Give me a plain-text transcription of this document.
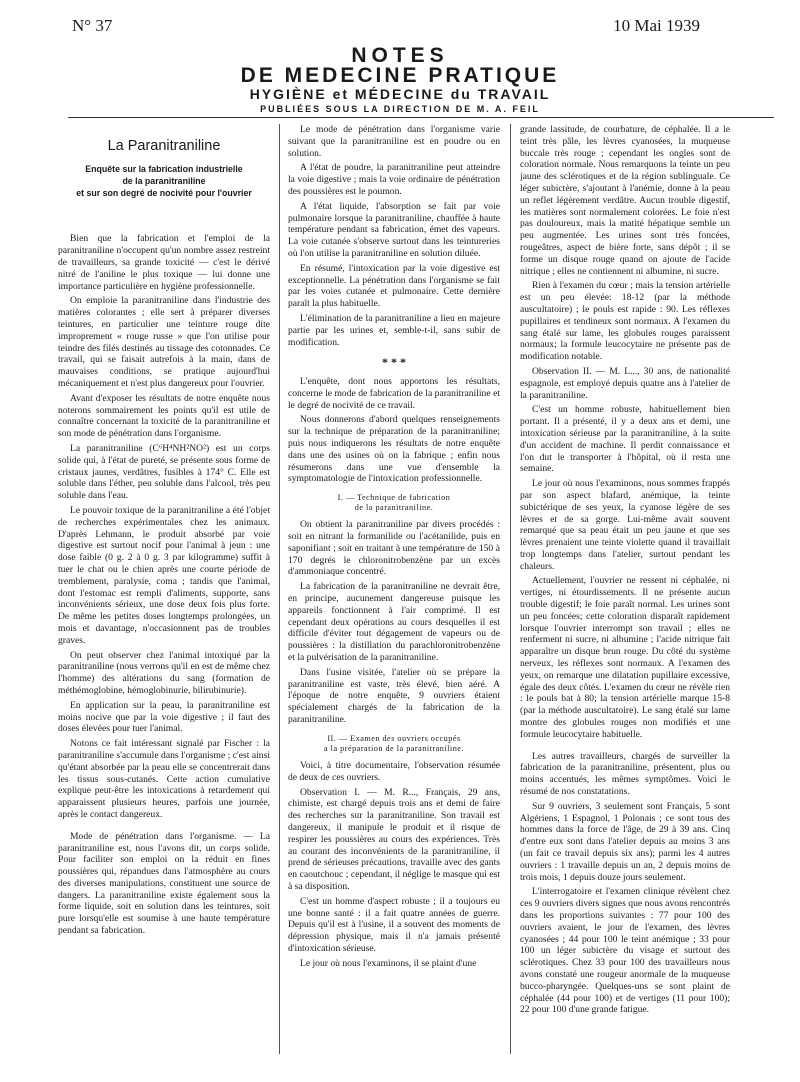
N° 37	10 Mai 1939
NOTES
DE MEDECINE PRATIQUE
HYGIÈNE et MÉDECINE du TRAVAIL
PUBLIÉES SOUS LA DIRECTION DE M. A. FEIL
La Paranitraniline
Enquête sur la fabrication industrielle
de la paranitraniline
et sur son degré de nocivité pour l'ouvrier

Bien que la fabrication et l'emploi de la paranitraniline n'occupent qu'un nombre assez restreint de travailleurs, sa grande toxicité — c'est le dérivé nitré de l'aniline le plus toxique — lui donne une importance particulière en hygiène professionnelle.

On emploie la paranitraniline dans l'industrie des matières colorantes ; elle sert à préparer diverses teintures, en particulier une teinture rouge dite improprement « rouge russe » que l'on utilise pour teindre des filés destinés au tissage des cotonnades. Ce travail, qui se faisait autrefois à la main, dans de mauvaises conditions, se pratique aujourd'hui mécaniquement et n'est plus dangereux pour l'ouvrier.

Avant d'exposer les résultats de notre enquête nous noterons sommairement les points qu'il est utile de connaître concernant la toxicité de la paranitraniline et son mode de pénétration dans l'organisme.

La paranitraniline (C⁶H⁴NH²NO²) est un corps solide qui, à l'état de pureté, se présente sous forme de cristaux jaunes, verdâtres, fusibles à 174° C. Elle est soluble dans l'éther, peu soluble dans l'alcool, très peu soluble dans l'eau.

Le pouvoir toxique de la paranitraniline a été l'objet de recherches expérimentales chez les animaux. D'après Lehmann, le produit absorbé par voie digestive est surtout nocif pour l'animal à jeun : une dose faible (0 g. 2 à 0 g. 3 par kilogramme) suffit à tuer le chat ou le chien après une courte période de tremblement, paralysie, coma ; tandis que l'animal, dont l'estomac est rempli d'aliments, supporte, sans inconvénients sérieux, une dose deux fois plus forte. De même les petites doses longtemps prolongées, un mois et davantage, n'occasionnent pas de troubles graves.

On peut observer chez l'animal intoxiqué par la paranitraniline (nous verrons qu'il en est de même chez l'homme) des altérations du sang (formation de méthémoglobine, hémoglobinurie, bilirubinurie).

En application sur la peau, la paranitraniline est moins nocive que par la voie digestive ; il faut des doses élevées pour tuer l'animal.

Notons ce fait intéressant signalé par Fischer : la paranitraniline s'accumule dans l'organisme ; c'est ainsi qu'étant absorbée par la peau elle se concentrerait dans les tissus sous-cutanés. Cette action cumulative explique peut-être les intoxications à retardement qui apparaissent plusieurs heures, parfois une journée, après le contact dangereux.

Mode de pénétration dans l'organisme. — La paranitraniline est, nous l'avons dit, un corps solide. Pour faciliter son emploi on la réduit en fines poussières qui, répandues dans l'atmosphère au cours des diverses manipulations, constituent une source de dangers. La paranitraniline existe également sous la forme liquide, soit en solution dans les teintures, soit pure lorsqu'elle est soumise à une haute température pendant sa fabrication.

Le mode de pénétration dans l'organisme varie suivant que la paranitraniline est en poudre ou en solution.

A l'état de poudre, la paranitraniline peut atteindre la voie digestive ; mais la voie ordinaire de pénétration des poussières est le poumon.

A l'état liquide, l'absorption se fait par voie pulmonaire lorsque la paranitraniline, chauffée à haute température pendant sa fabrication, émet des vapeurs. La voie cutanée s'observe surtout dans les teintureries où l'on utilise la paranitraniline en solution diluée.

En résumé, l'intoxication par la voie digestive est exceptionnelle. La pénétration dans l'organisme se fait par les voies cutanée et pulmonaire. Cette dernière paraît la plus habituelle.

L'élimination de la paranitraniline a lieu en majeure partie par les urines et, semble-t-il, sans subir de modification.

* * *

L'enquête, dont nous apportons les résultats, concerne le mode de fabrication de la paranitraniline et le degré de nocivité de ce travail.

Nous donnerons d'abord quelques renseignements sur la technique de préparation de la paranitraniline; puis nous indiquerons les résultats de notre enquête dans une des usines où on la fabrique ; enfin nous résumerons dans une vue d'ensemble la symptomatologie de l'intoxication professionnelle.

I. — Technique de fabrication
de la paranitraniline.

On obtient la paranitraniline par divers procédés : soit en nitrant la formanilide ou l'acétanilide, puis en saponifiant ; soit en traitant à une température de 150 à 170 degrés le chloronitrobenzène par un excès d'ammoniaque concentré.

La fabrication de la paranitraniline ne devrait être, en principe, aucunement dangereuse puisque les appareils fonctionnent à l'air comprimé. Il est cependant deux opérations au cours desquelles il est difficile d'éviter tout dégagement de vapeurs ou de poussières : la distillation du parachloronitrobenzène et la pulvérisation de la paranitraniline.

Dans l'usine visitée, l'atelier où se prépare la paranitraniline est vaste, très élevé, bien aéré. A l'époque de notre enquête, 9 ouvriers étaient spécialement chargés de la fabrication de la paranitraniline.

II. — Examen des ouvriers occupés
a la préparation de la paranitraniline.

Voici, à titre documentaire, l'observation résumée de deux de ces ouvriers.

Observation I. — M. R..., Français, 29 ans, chimiste, est chargé depuis trois ans et demi de faire des recherches sur la paranitraniline. Son travail est dangereux, il manipule le produit et il risque de respirer les poussières au cours des expériences. Très au courant des inconvénients de la paranitraniline, il prend de sérieuses précautions, travaille avec des gants en caoutchouc ; cependant, il néglige le masque qui est à sa disposition.

C'est un homme d'aspect robuste ; il a toujours eu une bonne santé : il a fait quatre années de guerre. Depuis qu'il est à l'usine, il a souvent des moments de dépression physique, mais il n'a jamais présenté d'intoxication sérieuse.

Le jour où nous l'examinons, il se plaint d'une

grande lassitude, de courbature, de céphalée. Il a le teint très pâle, les lèvres cyanosées, la muqueuse buccale très rouge ; cependant les ongles sont de coloration normale. Nous remarquons la teinte un peu jaune des sclérotiques et de la région sublinguale. Ce léger subictère, s'ajoutant à l'anémie, donne à la peau un reflet légèrement verdâtre. Aucun trouble digestif, les matières sont normalement colorées. Le foie n'est pas douloureux, mais la matité hépatique semble un peu augmentée. Les urines sont très foncées, rougeâtres, aspect de bière forte, sans dépôt ; il se forme un disque rouge quand on ajoute de l'acide nitrique ; elles ne contiennent ni albumine, ni sucre.

Rien à l'examen du cœur ; mais la tension artérielle est un peu élevée: 18-12 (par la méthode auscultatoire) ; le pouls est rapide : 90. Les réflexes pupillaires et tendineux sont normaux. A l'examen du sang étalé sur lame, les globules rouges paraissent normaux; la formule leucocytaire ne présente pas de modification notable.

Observation II. — M. L..., 30 ans, de nationalité espagnole, est employé depuis quatre ans à l'atelier de la paranitraniline.

C'est un homme robuste, habituellement bien portant. Il a présenté, il y a deux ans et demi, une intoxication sérieuse par la paranitraniline, à la suite d'un accident de machine. Il perdit connaissance et l'on dut le transporter à l'hôpital, où il resta une semaine.

Le jour où nous l'examinons, nous sommes frappés par son aspect blafard, anémique, la teinte subictérique de ses yeux, la cyanose légère de ses lèvres et de sa gorge. Lui-même avait souvent remarqué que sa peau était un peu jaune et que ses lèvres prenaient une teinte violette quand il travaillait trop longtemps dans l'atelier, surtout pendant les chaleurs.

Actuellement, l'ouvrier ne ressent ni céphalée, ni vertiges, ni étourdissements. Il ne présente aucun trouble digestif; le foie paraît normal. Les urines sont un peu foncées; cette coloration disparaît rapidement lorsque l'ouvrier interrompt son travail ; elles ne renferment ni sucre, ni albumine ; l'acide nitrique fait apparaître un disque brun rouge. Du côté du système nerveux, les réflexes sont normaux. A l'examen des yeux, on remarque une dilatation pupillaire excessive, égale des deux côtés. L'examen du cœur ne révèle rien : le pouls bat à 80; la tension artérielle marque 15-8 (par la méthode auscultatoire). Le sang étalé sur lame montre des globules rouges non modifiés et une formule leucocytaire habituelle.

Les autres travailleurs, chargés de surveiller la fabrication de la paranitraniline, présentent, plus ou moins accentués, les mêmes symptômes. Voici le résumé de nos constatations.

Sur 9 ouvriers, 3 seulement sont Français, 5 sont Algériens, 1 Espagnol, 1 Polonais ; ce sont tous des hommes dans la force de l'âge, de 29 à 39 ans. Cinq d'entre eux sont dans l'atelier depuis au moins 3 ans (un fait ce travail depuis six ans); parmi les 4 autres ouvriers : 1 travaille depuis un an, 2 depuis moins de trois mois, 1 depuis douze jours seulement.

L'interrogatoire et l'examen clinique révèlent chez ces 9 ouvriers divers signes que nous avons rencontrés dans les proportions suivantes : 77 pour 100 des ouvriers avaient, le jour de l'examen, des lèvres cyanosées ; 44 pour 100 le teint anémique ; 33 pour 100 un léger subictère du visage et surtout des sclérotiques. Chez 33 pour 100 des travailleurs nous avons constaté une rougeur anormale de la muqueuse bucco-pharyngée. Quelques-uns se sont plaint de céphalée (44 pour 100) et de vertiges (11 pour 100); 22 pour 100 d'une grande fatigue.
